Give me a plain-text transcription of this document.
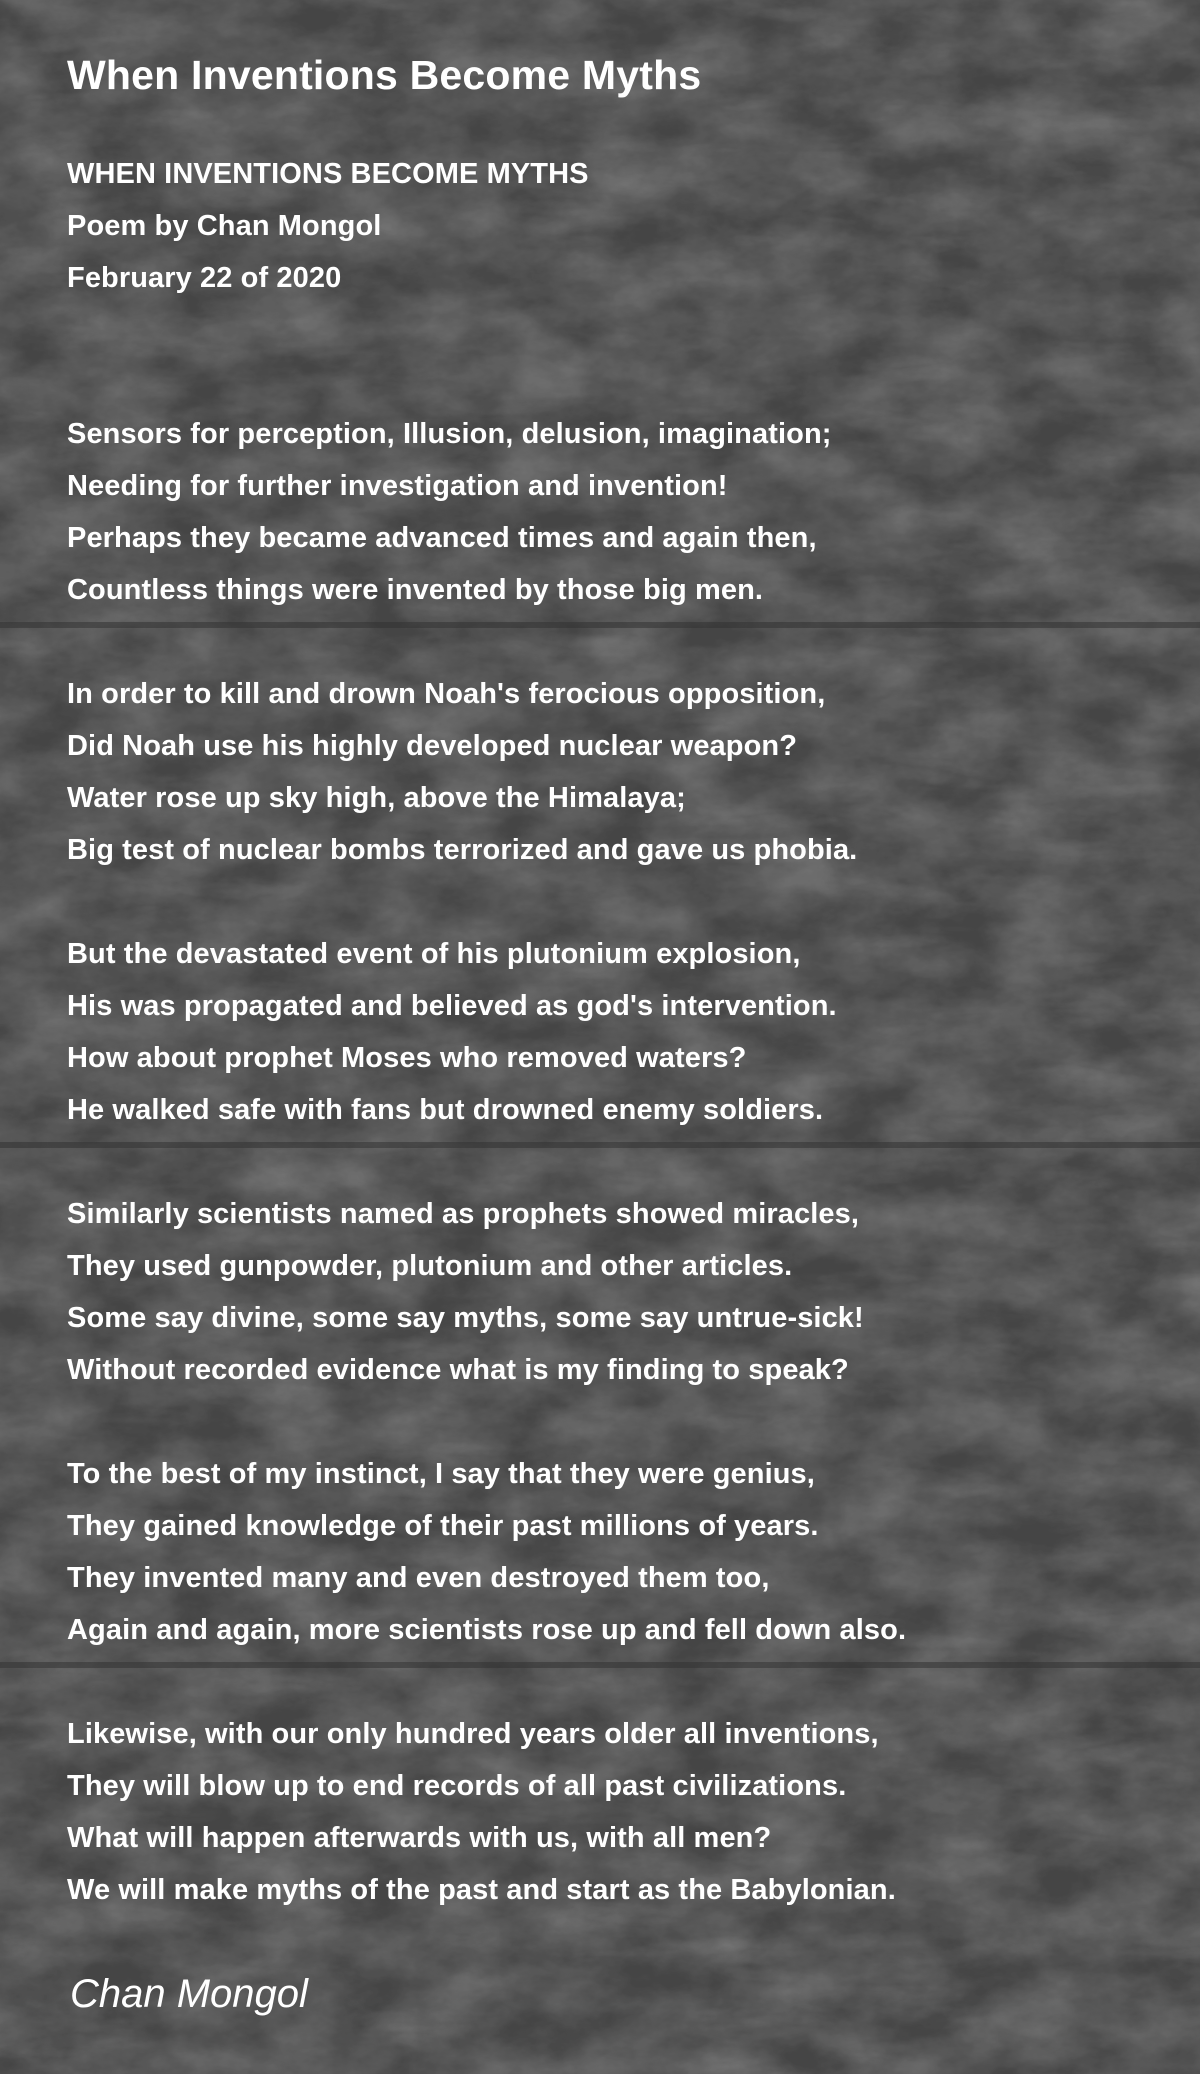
When Inventions Become Myths
WHEN INVENTIONS BECOME MYTHS
Poem by Chan Mongol
February 22 of 2020
Sensors for perception, Illusion, delusion, imagination;
Needing for further investigation and invention!
Perhaps they became advanced times and again then,
Countless things were invented by those big men.
In order to kill and drown Noah's ferocious opposition,
Did Noah use his highly developed nuclear weapon?
Water rose up sky high, above the Himalaya;
Big test of nuclear bombs terrorized and gave us phobia.
But the devastated event of his plutonium explosion,
His was propagated and believed as god's intervention.
How about prophet Moses who removed waters?
He walked safe with fans but drowned enemy soldiers.
Similarly scientists named as prophets showed miracles,
They used gunpowder, plutonium and other articles.
Some say divine, some say myths, some say untrue-sick!
Without recorded evidence what is my finding to speak?
To the best of my instinct, I say that they were genius,
They gained knowledge of their past millions of years.
They invented many and even destroyed them too,
Again and again, more scientists rose up and fell down also.
Likewise, with our only hundred years older all inventions,
They will blow up to end records of all past civilizations.
What will happen afterwards with us, with all men?
We will make myths of the past and start as the Babylonian.
Chan Mongol
